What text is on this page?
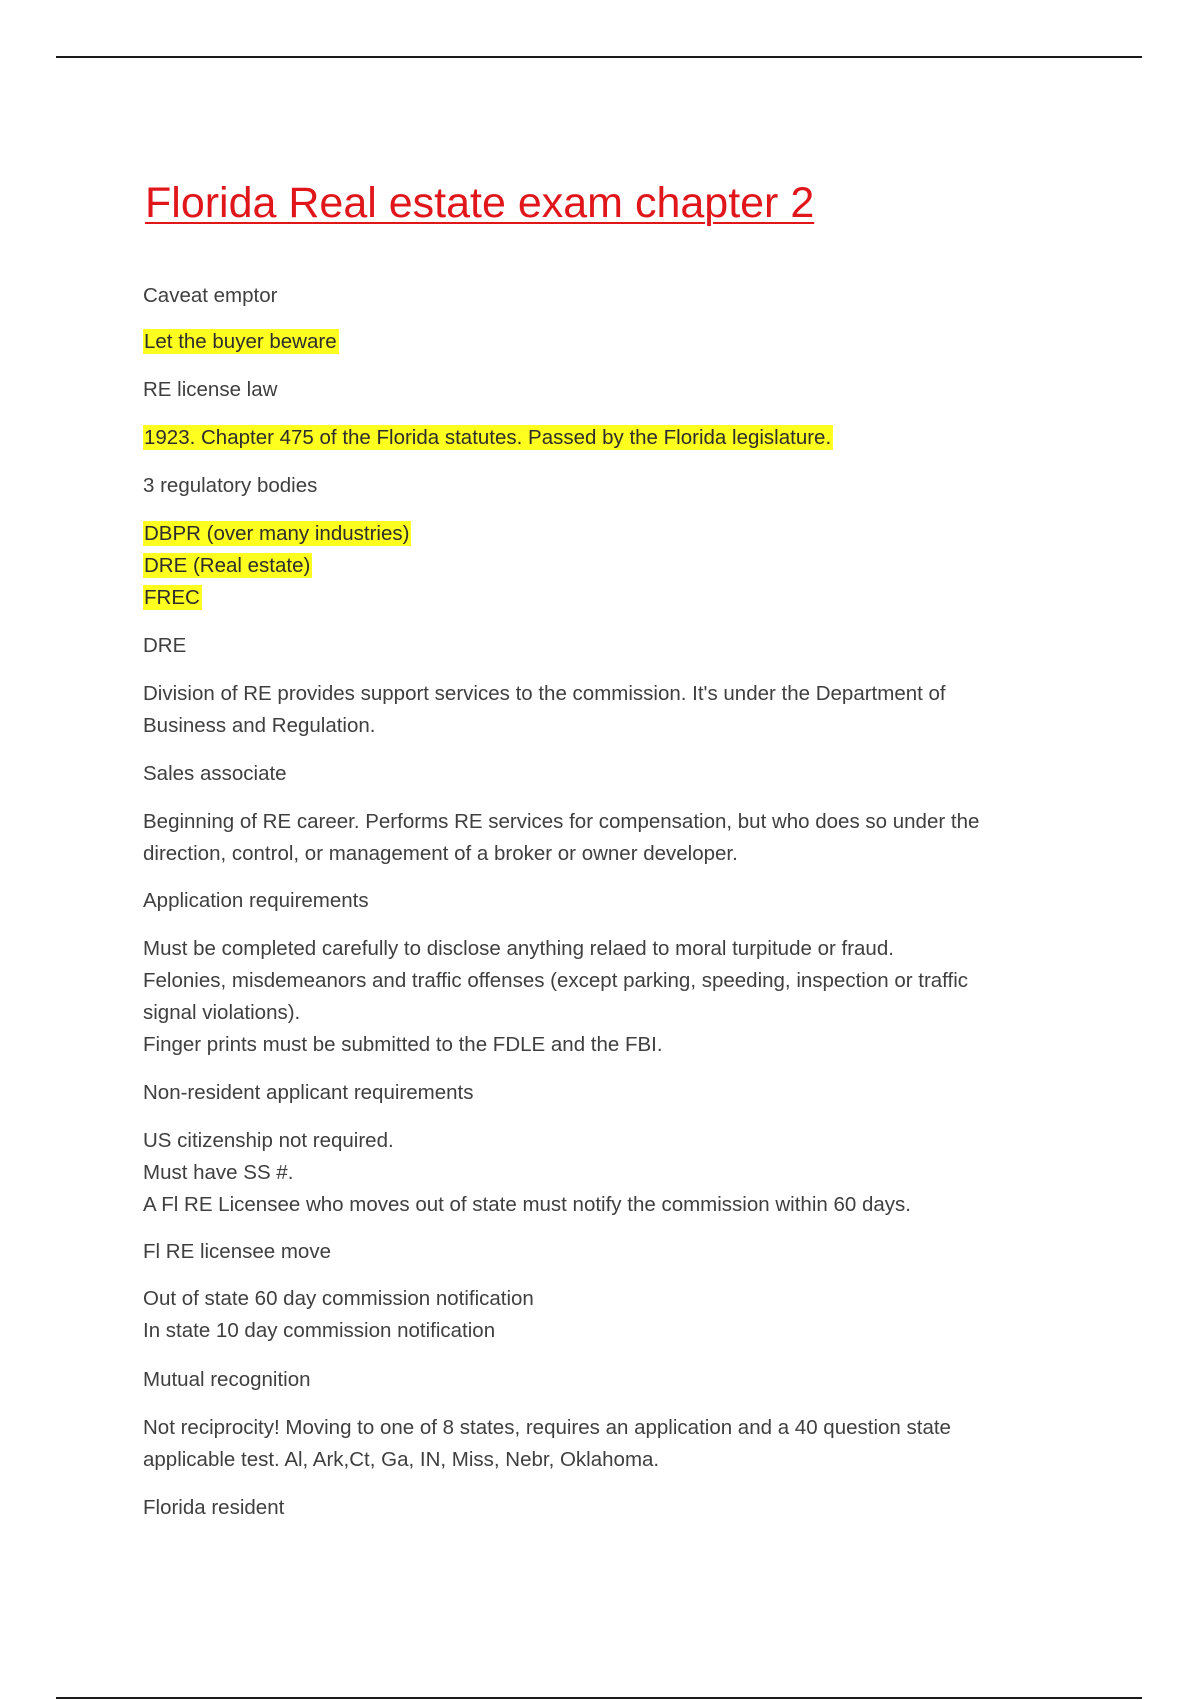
Florida Real estate exam chapter 2

Caveat emptor

Let the buyer beware

RE license law

1923. Chapter 475 of the Florida statutes. Passed by the Florida legislature.

3 regulatory bodies

DBPR (over many industries)
DRE (Real estate)
FREC

DRE

Division of RE provides support services to the commission. It's under the Department of
Business and Regulation.

Sales associate

Beginning of RE career. Performs RE services for compensation, but who does so under the
direction, control, or management of a broker or owner developer.

Application requirements

Must be completed carefully to disclose anything relaed to moral turpitude or fraud.
Felonies, misdemeanors and traffic offenses (except parking, speeding, inspection or traffic
signal violations).
Finger prints must be submitted to the FDLE and the FBI.

Non-resident applicant requirements

US citizenship not required.
Must have SS #.
A Fl RE Licensee who moves out of state must notify the commission within 60 days.

Fl RE licensee move

Out of state 60 day commission notification
In state 10 day commission notification

Mutual recognition

Not reciprocity! Moving to one of 8 states, requires an application and a 40 question state
applicable test. Al, Ark,Ct, Ga, IN, Miss, Nebr, Oklahoma.

Florida resident
